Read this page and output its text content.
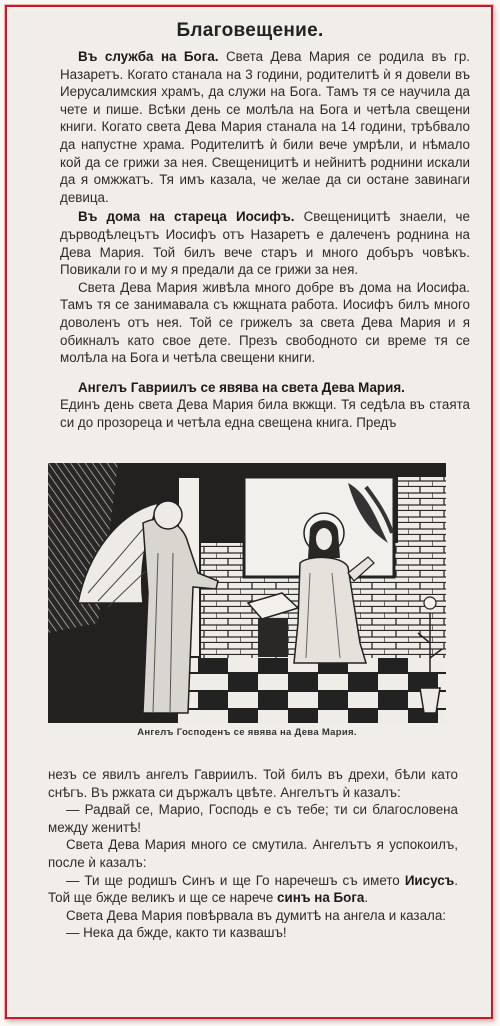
Благовещение.

Въ служба на Бога. Света Дева Мария се родила въ гр. Назаретъ. Когато станала на 3 години, родителитѣ ѝ я довели въ Иерусалимския храмъ, да служи на Бога. Тамъ тя се научила да чете и пише. Всѣки день се молѣла на Бога и четѣла свещени книги. Когато света Дева Мария станала на 14 години, трѣбвало да напустне храма. Родителитѣ ѝ били вече умрѣли, и нѣмало кой да се грижи за нея. Свещеницитѣ и нейнитѣ роднини искали да я омжжатъ. Тя имъ казала, че желае да си остане завинаги девица.

Въ дома на стареца Иосифъ. Свещеницитѣ знаели, че дърводѣлецътъ Иосифъ отъ Назаретъ е далеченъ роднина на Дева Мария. Той билъ вече старъ и много добъръ човѣкъ. Повикали го и му я предали да се грижи за нея.

Света Дева Мария живѣла много добре въ дома на Иосифа. Тамъ тя се занимавала съ кжщната работа. Иосифъ билъ много доволенъ отъ нея. Той се грижелъ за света Дева Мария и я обикналъ като свое дете. Презъ свободното си време тя се молѣла на Бога и четѣла свещени книги.

Ангелъ Гавриилъ се явява на света Дева Мария.

Единъ день света Дева Мария била вкжщи. Тя седѣла въ стаята си до прозореца и четѣла една свещена книга. Предъ

Ангелъ Господенъ се явява на Дева Мария.

незъ се явилъ ангелъ Гавриилъ. Той билъ въ дрехи, бѣли като снѣгъ. Въ ржката си държалъ цвѣте. Ангелътъ ѝ казалъ:

— Радвай се, Марио, Господь е съ тебе; ти си благословена между женитѣ!

Света Дева Мария много се смутила. Ангелътъ я успокоилъ, после ѝ казалъ:

— Ти ще родишъ Синъ и ще Го наречешъ съ името Иисусъ. Той ще бжде великъ и ще се нарече синъ на Бога.

Света Дева Мария повѣрвала въ думитѣ на ангела и казала:

— Нека да бжде, както ти казвашъ!
